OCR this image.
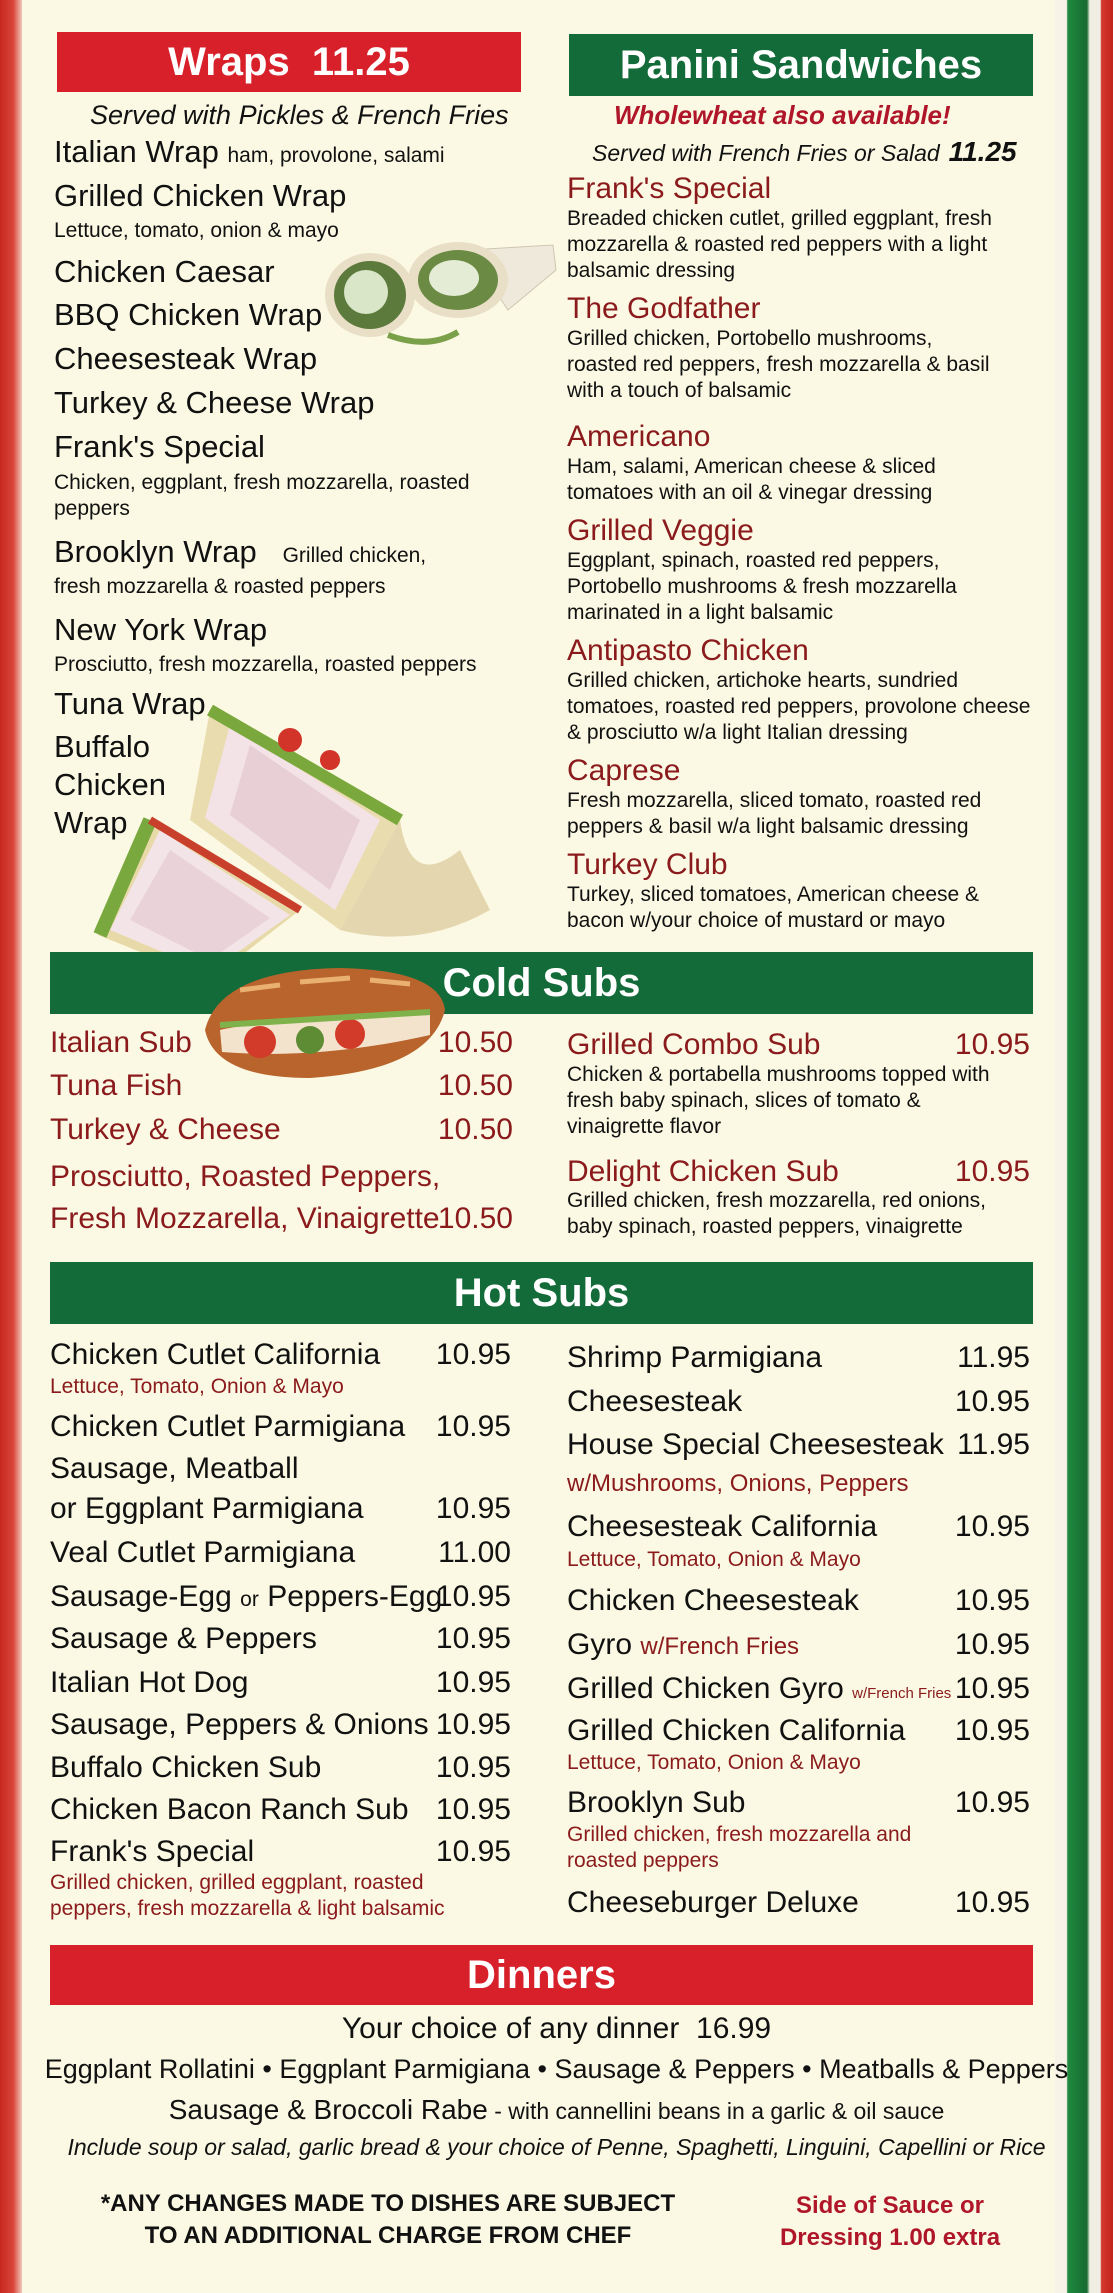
Wraps  11.25
Served with Pickles & French Fries
Italian Wrap ham, provolone, salami
Grilled Chicken Wrap
Lettuce, tomato, onion & mayo
Chicken Caesar
BBQ Chicken Wrap
Cheesesteak Wrap
Turkey & Cheese Wrap
Frank's Special
Chicken, eggplant, fresh mozzarella, roasted peppers
Brooklyn Wrap Grilled chicken,
fresh mozzarella & roasted peppers
New York Wrap
Prosciutto, fresh mozzarella, roasted peppers
Tuna Wrap
Buffalo Chicken Wrap
Panini Sandwiches
Wholewheat also available!
Served with French Fries or Salad 11.25
Frank's Special
Breaded chicken cutlet, grilled eggplant, fresh mozzarella & roasted red peppers with a light balsamic dressing
The Godfather
Grilled chicken, Portobello mushrooms, roasted red peppers, fresh mozzarella & basil with a touch of balsamic
Americano
Ham, salami, American cheese & sliced tomatoes with an oil & vinegar dressing
Grilled Veggie
Eggplant, spinach, roasted red peppers, Portobello mushrooms & fresh mozzarella marinated in a light balsamic
Antipasto Chicken
Grilled chicken, artichoke hearts, sundried tomatoes, roasted red peppers, provolone cheese & prosciutto w/a light Italian dressing
Caprese
Fresh mozzarella, sliced tomato, roasted red peppers & basil w/a light balsamic dressing
Turkey Club
Turkey, sliced tomatoes, American cheese & bacon w/your choice of mustard or mayo
Cold Subs
Italian Sub	10.50
Tuna Fish	10.50
Turkey & Cheese	10.50
Prosciutto, Roasted Peppers,
Fresh Mozzarella, Vinaigrette
10.50
Grilled Combo Sub	10.95
Chicken & portabella mushrooms topped with fresh baby spinach, slices of tomato & vinaigrette flavor
Delight Chicken Sub	10.95
Grilled chicken, fresh mozzarella, red onions, baby spinach, roasted peppers, vinaigrette
Hot Subs
Chicken Cutlet California	10.95
Lettuce, Tomato, Onion & Mayo
Chicken Cutlet Parmigiana	10.95
Sausage, Meatball
or Eggplant Parmigiana	10.95
Veal Cutlet Parmigiana	11.00
Sausage-Egg or Peppers-Egg
10.95
Sausage & Peppers	10.95
Italian Hot Dog	10.95
Sausage, Peppers & Onions 10.95
Buffalo Chicken Sub	10.95
Chicken Bacon Ranch Sub 10.95
Frank's Special	10.95
Grilled chicken, grilled eggplant, roasted peppers, fresh mozzarella & light balsamic
Shrimp Parmigiana	11.95
Cheesesteak	10.95
House Special Cheesesteak 11.95
w/Mushrooms, Onions, Peppers
Cheesesteak California	10.95
Lettuce, Tomato, Onion & Mayo
Chicken Cheesesteak	10.95
Gyro w/French Fries	10.95
Grilled Chicken Gyro w/French Fries 10.95
Grilled Chicken California	10.95
Lettuce, Tomato, Onion & Mayo
Brooklyn Sub	10.95
Grilled chicken, fresh mozzarella and roasted peppers
Cheeseburger Deluxe	10.95
Dinners
Your choice of any dinner  16.99
Eggplant Rollatini • Eggplant Parmigiana • Sausage & Peppers • Meatballs & Peppers
Sausage & Broccoli Rabe - with cannellini beans in a garlic & oil sauce
Include soup or salad, garlic bread & your choice of Penne, Spaghetti, Linguini, Capellini or Rice
*ANY CHANGES MADE TO DISHES ARE SUBJECT
TO AN ADDITIONAL CHARGE FROM CHEF
Side of Sauce or
Dressing 1.00 extra
